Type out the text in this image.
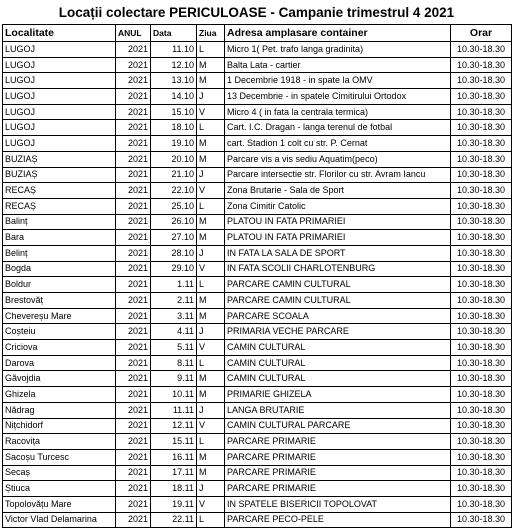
Locații colectare PERICULOASE - Campanie trimestrul 4 2021
Localitate	ANUL	Data	Ziua	Adresa amplasare container	Orar
LUGOJ	2021	11.10	L	Micro 1( Pet. trafo langa gradinita)	10.30-18.30
LUGOJ	2021	12.10	M	Balta Lata - cartier	10.30-18.30
LUGOJ	2021	13.10	M	1 Decembrie 1918 - in spate la OMV	10.30-18.30
LUGOJ	2021	14.10	J	13 Decembrie - in spatele Cimitirului Ortodox	10.30-18.30
LUGOJ	2021	15.10	V	Micro 4 ( in fata la centrala termica)	10.30-18.30
LUGOJ	2021	18.10	L	Cart. I.C. Dragan - langa terenul de fotbal	10.30-18.30
LUGOJ	2021	19.10	M	cart. Stadion 1 colt cu str. P. Cernat	10.30-18.30
BUZIAȘ	2021	20.10	M	Parcare vis a vis sediu Aquatim(peco)	10.30-18.30
BUZIAȘ	2021	21.10	J	Parcare intersectie str. Florilor cu str. Avram Iancu	10.30-18.30
RECAȘ	2021	22.10	V	Zona Brutarie - Sala de Sport	10.30-18.30
RECAȘ	2021	25.10	L	Zona Cimitir Catolic	10.30-18.30
Balinț	2021	26.10	M	PLATOU IN FATA PRIMARIEI	10.30-18.30
Bara	2021	27.10	M	PLATOU IN FATA PRIMARIEI	10.30-18.30
Belinț	2021	28.10	J	IN FATA LA SALA DE SPORT	10.30-18.30
Bogda	2021	29.10	V	IN FATA SCOLII CHARLOTENBURG	10.30-18.30
Boldur	2021	1.11	L	PARCARE CAMIN CULTURAL	10.30-18.30
Brestovăț	2021	2.11	M	PARCARE CAMIN CULTURAL	10.30-18.30
Chevereșu Mare	2021	3.11	M	PARCARE SCOALA	10.30-18.30
Coșteiu	2021	4.11	J	PRIMARIA VECHE PARCARE	10.30-18.30
Criciova	2021	5.11	V	CAMIN CULTURAL	10.30-18.30
Darova	2021	8.11	L	CAMIN CULTURAL	10.30-18.30
Găvojdia	2021	9.11	M	CAMIN CULTURAL	10.30-18.30
Ghizela	2021	10.11	M	PRIMARIE GHIZELA	10.30-18.30
Nădrag	2021	11.11	J	LANGA BRUTARIE	10.30-18.30
Nițchidorf	2021	12.11	V	CAMIN CULTURAL PARCARE	10.30-18.30
Racovița	2021	15.11	L	PARCARE PRIMARIE	10.30-18.30
Sacoșu Turcesc	2021	16.11	M	PARCARE PRIMARIE	10.30-18.30
Secaș	2021	17.11	M	PARCARE PRIMARIE	10.30-18.30
Știuca	2021	18.11	J	PARCARE PRIMARIE	10.30-18.30
Topolovățu Mare	2021	19.11	V	IN SPATELE BISERICII TOPOLOVAT	10.30-18.30
Victor Vlad Delamarina	2021	22.11	L	PARCARE PECO-PELE	10.30-18.30
